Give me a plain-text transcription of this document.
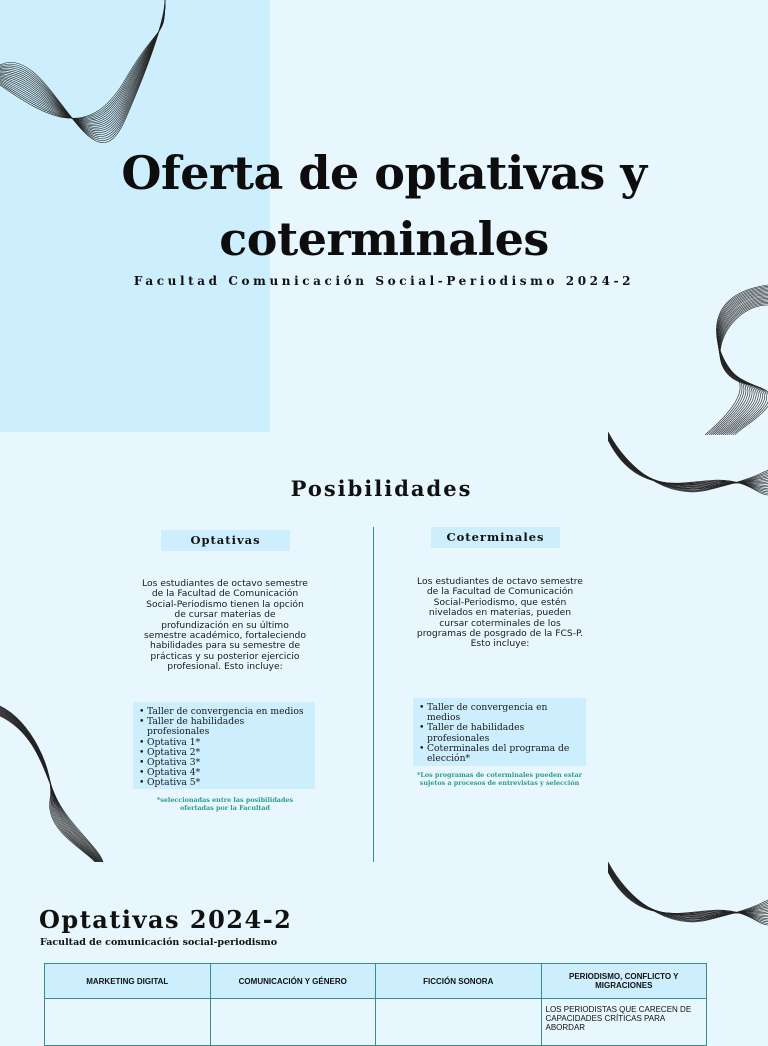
Oferta de optativas y coterminales
Facultad Comunicación Social-Periodismo 2024-2
Posibilidades
Optativas
Los estudiantes de octavo semestre de la Facultad de Comunicación Social-Periodismo tienen la opción de cursar materias de profundización en su último semestre académico, fortaleciendo habilidades para su semestre de prácticas y su posterior ejercicio profesional. Esto incluye:
• Taller de convergencia en medios
• Taller de habilidades profesionales
• Optativa 1*
• Optativa 2*
• Optativa 3*
• Optativa 4*
• Optativa 5*
*seleccionadas entre las posibilidades ofertadas por la Facultad
Coterminales
Los estudiantes de octavo semestre de la Facultad de Comunicación Social-Periodismo, que estén nivelados en materias, pueden cursar coterminales de los programas de posgrado de la FCS-P. Esto incluye:
• Taller de convergencia en medios
• Taller de habilidades profesionales
• Coterminales del programa de elección*
*Los programas de coterminales pueden estar sujetos a procesos de entrevistas y selección
Optativas 2024-2
Facultad de comunicación social-periodismo
MARKETING DIGITAL	COMUNICACIÓN Y GÉNERO	FICCIÓN SONORA	PERIODISMO, CONFLICTO Y MIGRACIONES
			LOS PERIODISTAS QUE CARECEN DE CAPACIDADES CRÍTICAS PARA ABORDAR
